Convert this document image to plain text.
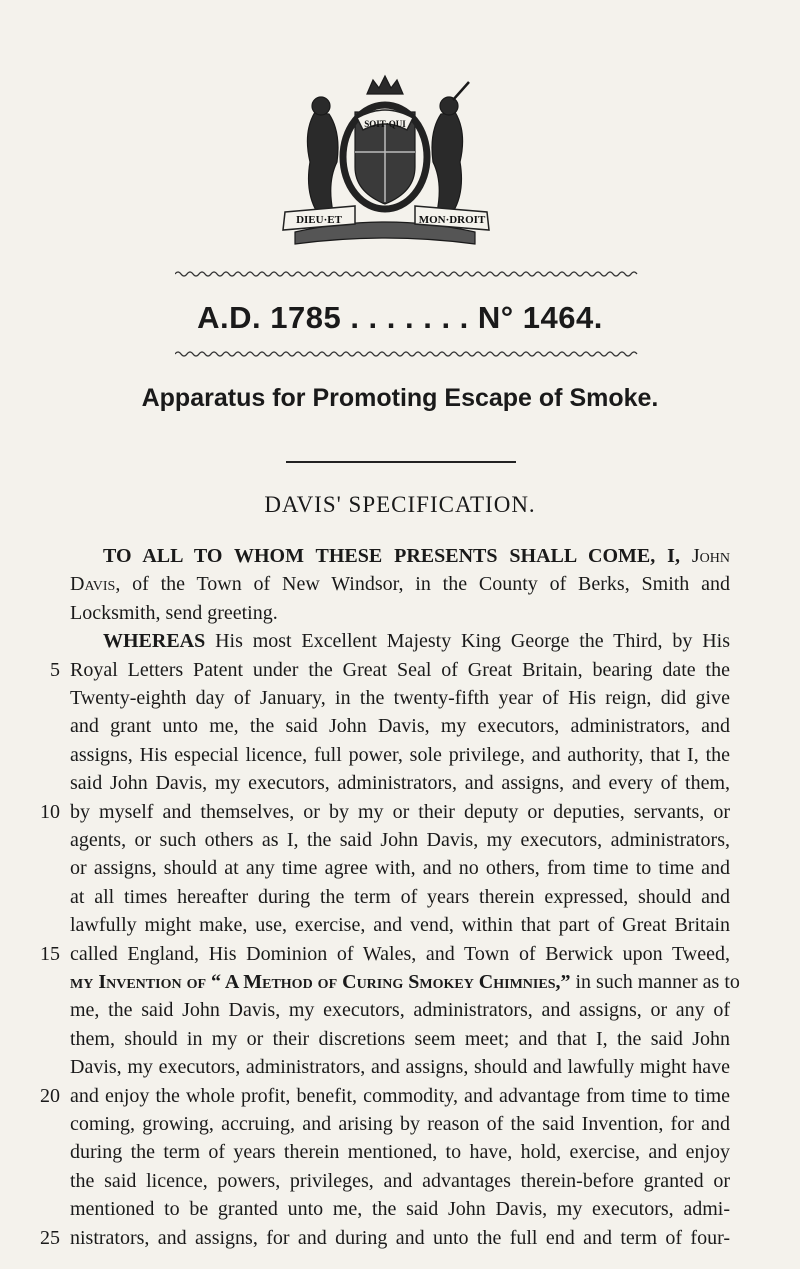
SOIT·QUI
DIEU·ET	MON·DROIT
A.D. 1785 . . . . . . . N° 1464.
Apparatus for Promoting Escape of Smoke.
DAVIS' SPECIFICATION.
TO ALL TO WHOM THESE PRESENTS SHALL COME, I, John
Davis, of the Town of New Windsor, in the County of Berks, Smith and
Locksmith, send greeting.
WHEREAS His most Excellent Majesty King George the Third, by His
5 Royal Letters Patent under the Great Seal of Great Britain, bearing date the
Twenty-eighth day of January, in the twenty-fifth year of His reign, did give
and grant unto me, the said John Davis, my executors, administrators, and
assigns, His especial licence, full power, sole privilege, and authority, that I, the
said John Davis, my executors, administrators, and assigns, and every of them,
10 by myself and themselves, or by my or their deputy or deputies, servants, or
agents, or such others as I, the said John Davis, my executors, administrators,
or assigns, should at any time agree with, and no others, from time to time and
at all times hereafter during the term of years therein expressed, should and
lawfully might make, use, exercise, and vend, within that part of Great Britain
15 called England, His Dominion of Wales, and Town of Berwick upon Tweed,
my Invention of “ A Method of Curing Smokey Chimnies,” in such manner as to
me, the said John Davis, my executors, administrators, and assigns, or any of
them, should in my or their discretions seem meet; and that I, the said John
Davis, my executors, administrators, and assigns, should and lawfully might have
20 and enjoy the whole profit, benefit, commodity, and advantage from time to time
coming, growing, accruing, and arising by reason of the said Invention, for and
during the term of years therein mentioned, to have, hold, exercise, and enjoy
the said licence, powers, privileges, and advantages therein-before granted or
mentioned to be granted unto me, the said John Davis, my executors, admi-
nistrators, and assigns, for and during and unto the full end and term of four-
25
